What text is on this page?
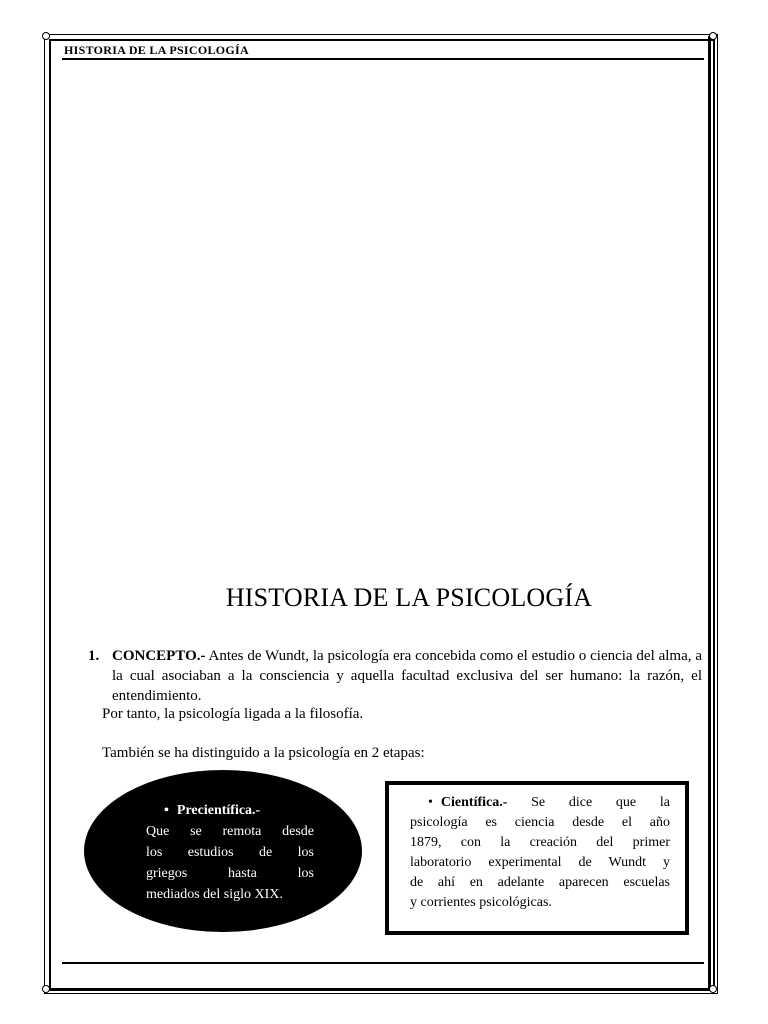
HISTORIA DE LA PSICOLOGÍA
HISTORIA DE LA PSICOLOGÍA
1. CONCEPTO.- Antes de Wundt, la psicología era concebida como el estudio o ciencia del alma, a la cual asociaban a la consciencia y aquella facultad exclusiva del ser humano: la razón, el entendimiento.
Por tanto, la psicología ligada a la filosofía.
También se ha distinguido a la psicología en 2 etapas:
• Precientífica.-
Que se remota desde
los estudios de los
griegos hasta los
mediados del siglo XIX.
• Científica.- Se dice que la
psicología es ciencia desde el año
1879, con la creación del primer
laboratorio experimental de Wundt y
de ahí en adelante aparecen escuelas
y corrientes psicológicas.
